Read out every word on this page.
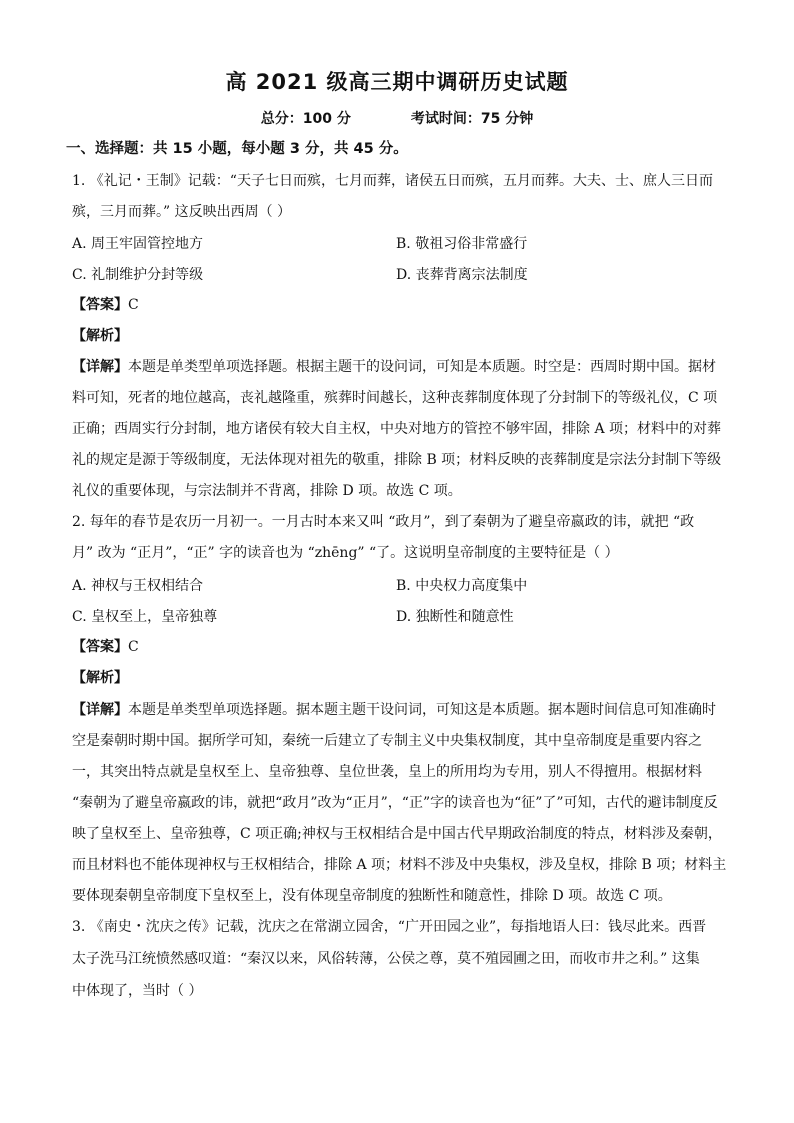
高 2021 级高三期中调研历史试题
总分：100 分	考试时间：75 分钟
一、选择题：共 15 小题，每小题 3 分，共 45 分。
1. 《礼记・王制》记载：“天子七日而殡，七月而葬，诸侯五日而殡，五月而葬。大夫、士、庶人三日而
殡，三月而葬。” 这反映出西周（ ）
A. 周王牢固管控地方	B. 敬祖习俗非常盛行
C. 礼制维护分封等级	D. 丧葬背离宗法制度
【答案】C
【解析】
【详解】本题是单类型单项选择题。根据主题干的设问词，可知是本质题。时空是：西周时期中国。据材
料可知，死者的地位越高，丧礼越隆重，殡葬时间越长，这种丧葬制度体现了分封制下的等级礼仪，C 项
正确；西周实行分封制，地方诸侯有较大自主权，中央对地方的管控不够牢固，排除 A 项；材料中的对葬
礼的规定是源于等级制度，无法体现对祖先的敬重，排除 B 项；材料反映的丧葬制度是宗法分封制下等级
礼仪的重要体现，与宗法制并不背离，排除 D 项。故选 C 项。
2. 每年的春节是农历一月初一。一月古时本来又叫 “政月”，到了秦朝为了避皇帝嬴政的讳，就把 “政
月” 改为 “正月”，“正” 字的读音也为 “zhēng” “了。这说明皇帝制度的主要特征是（ ）
A. 神权与王权相结合	B. 中央权力高度集中
C. 皇权至上，皇帝独尊	D. 独断性和随意性
【答案】C
【解析】
【详解】本题是单类型单项选择题。据本题主题干设问词，可知这是本质题。据本题时间信息可知准确时
空是秦朝时期中国。据所学可知，秦统一后建立了专制主义中央集权制度，其中皇帝制度是重要内容之
一，其突出特点就是皇权至上、皇帝独尊、皇位世袭，皇上的所用均为专用，别人不得擅用。根据材料
“秦朝为了避皇帝嬴政的讳，就把“政月”改为“正月”，“正”字的读音也为“征”了”可知，古代的避讳制度反
映了皇权至上、皇帝独尊，C 项正确;神权与王权相结合是中国古代早期政治制度的特点，材料涉及秦朝，
而且材料也不能体现神权与王权相结合，排除 A 项；材料不涉及中央集权，涉及皇权，排除 B 项；材料主
要体现秦朝皇帝制度下皇权至上，没有体现皇帝制度的独断性和随意性，排除 D 项。故选 C 项。
3. 《南史・沈庆之传》记载，沈庆之在常湖立园舍，“广开田园之业”，每指地语人曰：钱尽此来。西晋
太子洗马江统愤然感叹道：“秦汉以来，风俗转薄，公侯之尊，莫不殖园圃之田，而收市井之利。” 这集
中体现了，当时（ ）
